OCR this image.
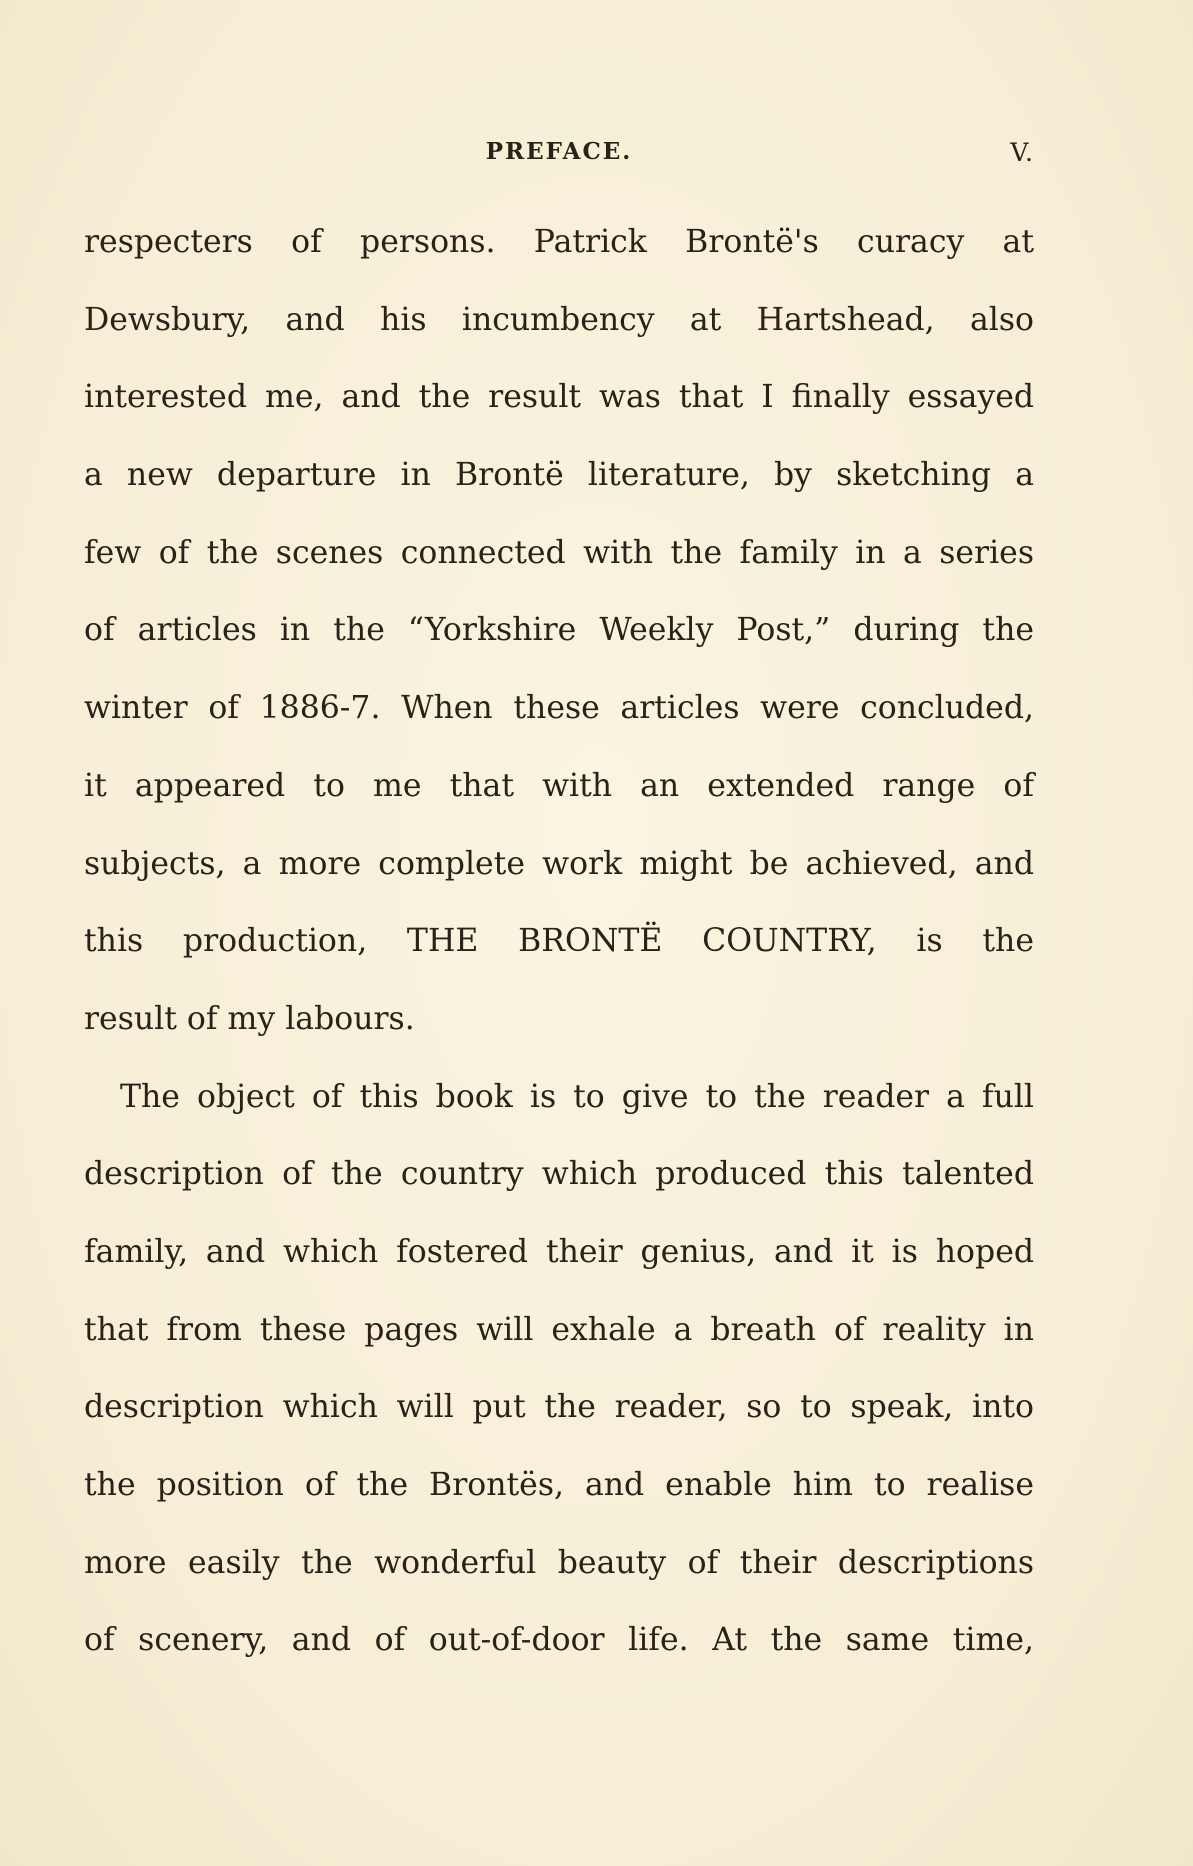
PREFACE.	V.
respecters of persons. Patrick Brontë's curacy at
Dewsbury, and his incumbency at Hartshead, also
interested me, and the result was that I finally essayed
a new departure in Brontë literature, by sketching a
few of the scenes connected with the family in a series
of articles in the “Yorkshire Weekly Post,” during the
winter of 1886-7. When these articles were concluded,
it appeared to me that with an extended range of
subjects, a more complete work might be achieved, and
this production, THE BRONTË COUNTRY, is the
result of my labours.
The object of this book is to give to the reader a full
description of the country which produced this talented
family, and which fostered their genius, and it is hoped
that from these pages will exhale a breath of reality in
description which will put the reader, so to speak, into
the position of the Brontës, and enable him to realise
more easily the wonderful beauty of their descriptions
of scenery, and of out-of-door life. At the same time,
